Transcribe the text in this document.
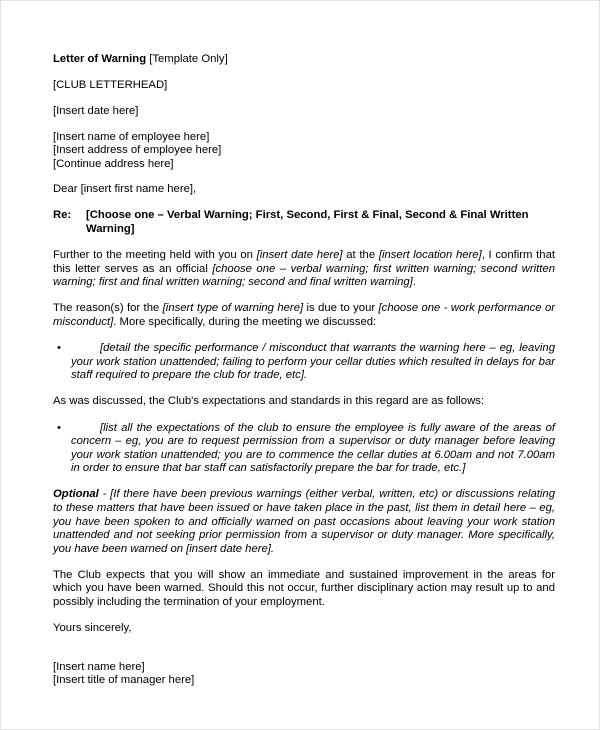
Letter of Warning [Template Only]
[CLUB LETTERHEAD]
[Insert date here]
[Insert name of employee here]
[Insert address of employee here]
[Continue address here]
Dear [insert first name here],
Re:	[Choose one – Verbal Warning; First, Second, First & Final, Second & Final Written Warning]

Further to the meeting held with you on [insert date here] at the [insert location here], I confirm that this letter serves as an official [choose one – verbal warning; first written warning; second written warning; first and final written warning; second and final written warning].

The reason(s) for the [insert type of warning here] is due to your [choose one - work performance or misconduct]. More specifically, during the meeting we discussed:

•	[detail the specific performance / misconduct that warrants the warning here – eg, leaving your work station unattended; failing to perform your cellar duties which resulted in delays for bar staff required to prepare the club for trade, etc].

As was discussed, the Club's expectations and standards in this regard are as follows:

•	[list all the expectations of the club to ensure the employee is fully aware of the areas of concern – eg, you are to request permission from a supervisor or duty manager before leaving your work station unattended; you are to commence the cellar duties at 6.00am and not 7.00am in order to ensure that bar staff can satisfactorily prepare the bar for trade, etc.]

Optional - [If there have been previous warnings (either verbal, written, etc) or discussions relating to these matters that have been issued or have taken place in the past, list them in detail here – eg, you have been spoken to and officially warned on past occasions about leaving your work station unattended and not seeking prior permission from a supervisor or duty manager. More specifically, you have been warned on [insert date here].

The Club expects that you will show an immediate and sustained improvement in the areas for which you have been warned. Should this not occur, further disciplinary action may result up to and possibly including the termination of your employment.

Yours sincerely,
[Insert name here]
[Insert title of manager here]
